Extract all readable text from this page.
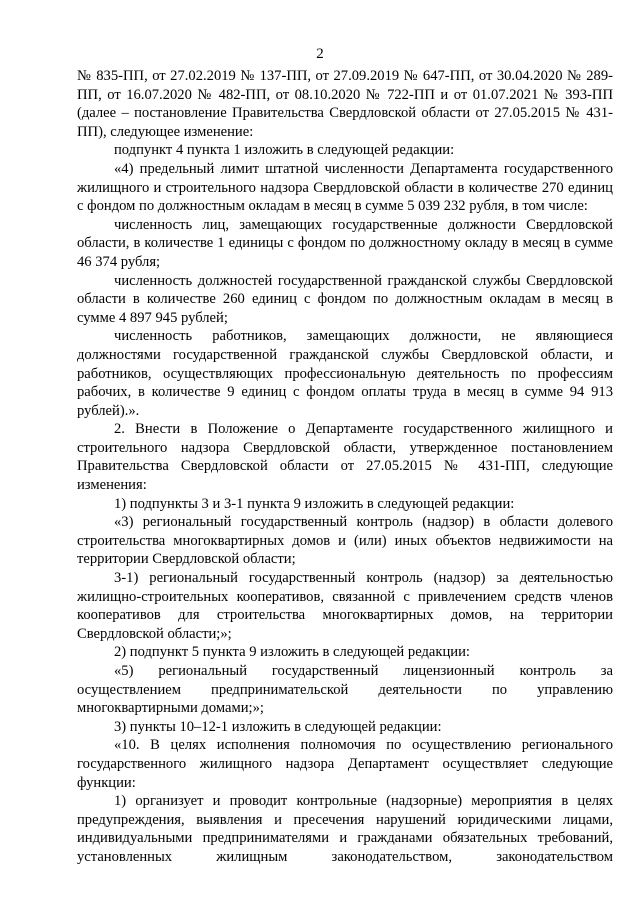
2

№ 835-ПП, от 27.02.2019 № 137-ПП, от 27.09.2019 № 647-ПП, от 30.04.2020 № 289-ПП, от 16.07.2020 № 482-ПП, от 08.10.2020 № 722-ПП и от 01.07.2021 № 393-ПП (далее – постановление Правительства Свердловской области от 27.05.2015 № 431-ПП), следующее изменение:

подпункт 4 пункта 1 изложить в следующей редакции:

«4) предельный лимит штатной численности Департамента государственного жилищного и строительного надзора Свердловской области в количестве 270 единиц с фондом по должностным окладам в месяц в сумме 5 039 232 рубля, в том числе:

численность лиц, замещающих государственные должности Свердловской области, в количестве 1 единицы с фондом по должностному окладу в месяц в сумме 46 374 рубля;

численность должностей государственной гражданской службы Свердловской области в количестве 260 единиц с фондом по должностным окладам в месяц в сумме 4 897 945 рублей;

численность работников, замещающих должности, не являющиеся должностями государственной гражданской службы Свердловской области, и работников, осуществляющих профессиональную деятельность по профессиям рабочих, в количестве 9 единиц с фондом оплаты труда в месяц в сумме 94 913 рублей).».

2. Внести в Положение о Департаменте государственного жилищного и строительного надзора Свердловской области, утвержденное постановлением Правительства Свердловской области от 27.05.2015 № 431-ПП, следующие изменения:

1) подпункты 3 и 3-1 пункта 9 изложить в следующей редакции:

«3) региональный государственный контроль (надзор) в области долевого строительства многоквартирных домов и (или) иных объектов недвижимости на территории Свердловской области;

3-1) региональный государственный контроль (надзор) за деятельностью жилищно-строительных кооперативов, связанной с привлечением средств членов кооперативов для строительства многоквартирных домов, на территории Свердловской области;»;

2) подпункт 5 пункта 9 изложить в следующей редакции:

«5) региональный государственный лицензионный контроль за осуществлением предпринимательской деятельности по управлению многоквартирными домами;»;

3) пункты 10–12-1 изложить в следующей редакции:

«10. В целях исполнения полномочия по осуществлению регионального государственного жилищного надзора Департамент осуществляет следующие функции:

1) организует и проводит контрольные (надзорные) мероприятия в целях предупреждения, выявления и пресечения нарушений юридическими лицами, индивидуальными предпринимателями и гражданами обязательных требований, установленных жилищным законодательством, законодательством
